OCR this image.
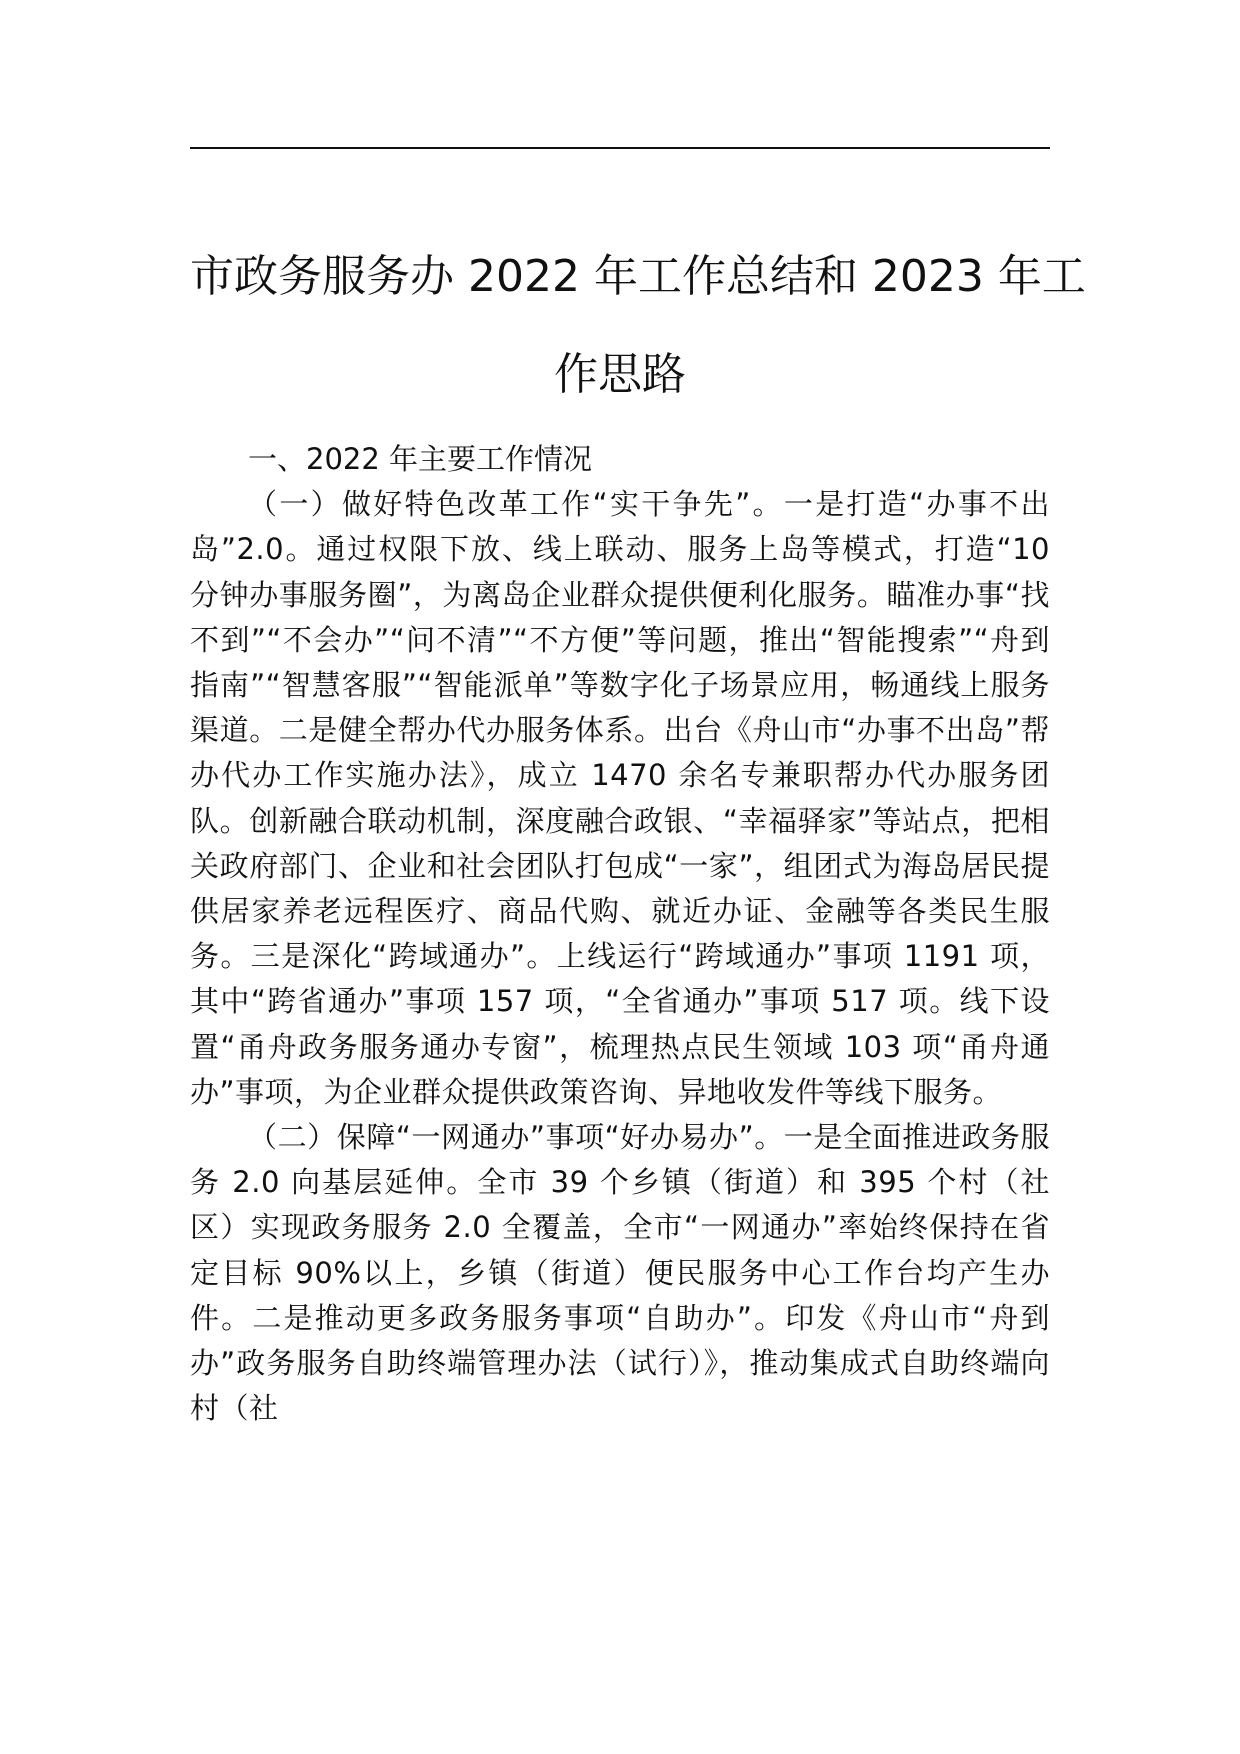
市政务服务办 2022 年工作总结和 2023 年工
作思路
一、2022 年主要工作情况

（一）做好特色改革工作“实干争先”。一是打造“办事不出岛”2.0。通过权限下放、线上联动、服务上岛等模式，打造“10 分钟办事服务圈”，为离岛企业群众提供便利化服务。瞄准办事“找不到”“不会办”“问不清”“不方便”等问题，推出“智能搜索”“舟到指南”“智慧客服”“智能派单”等数字化子场景应用，畅通线上服务渠道。二是健全帮办代办服务体系。出台《舟山市“办事不出岛”帮办代办工作实施办法》，成立 1470 余名专兼职帮办代办服务团队。创新融合联动机制，深度融合政银、“幸福驿家”等站点，把相关政府部门、企业和社会团队打包成“一家”，组团式为海岛居民提供居家养老远程医疗、商品代购、就近办证、金融等各类民生服务。三是深化“跨域通办”。上线运行“跨域通办”事项 1191 项，其中“跨省通办”事项 157 项，“全省通办”事项 517 项。线下设置“甬舟政务服务通办专窗”，梳理热点民生领域 103 项“甬舟通办”事项，为企业群众提供政策咨询、异地收发件等线下服务。

（二）保障“一网通办”事项“好办易办”。一是全面推进政务服务 2.0 向基层延伸。全市 39 个乡镇（街道）和 395 个村（社区）实现政务服务 2.0 全覆盖，全市“一网通办”率始终保持在省定目标 90%以上，乡镇（街道）便民服务中心工作台均产生办件。二是推动更多政务服务事项“自助办”。印发《舟山市“舟到办”政务服务自助终端管理办法（试行）》，推动集成式自助终端向村（社
